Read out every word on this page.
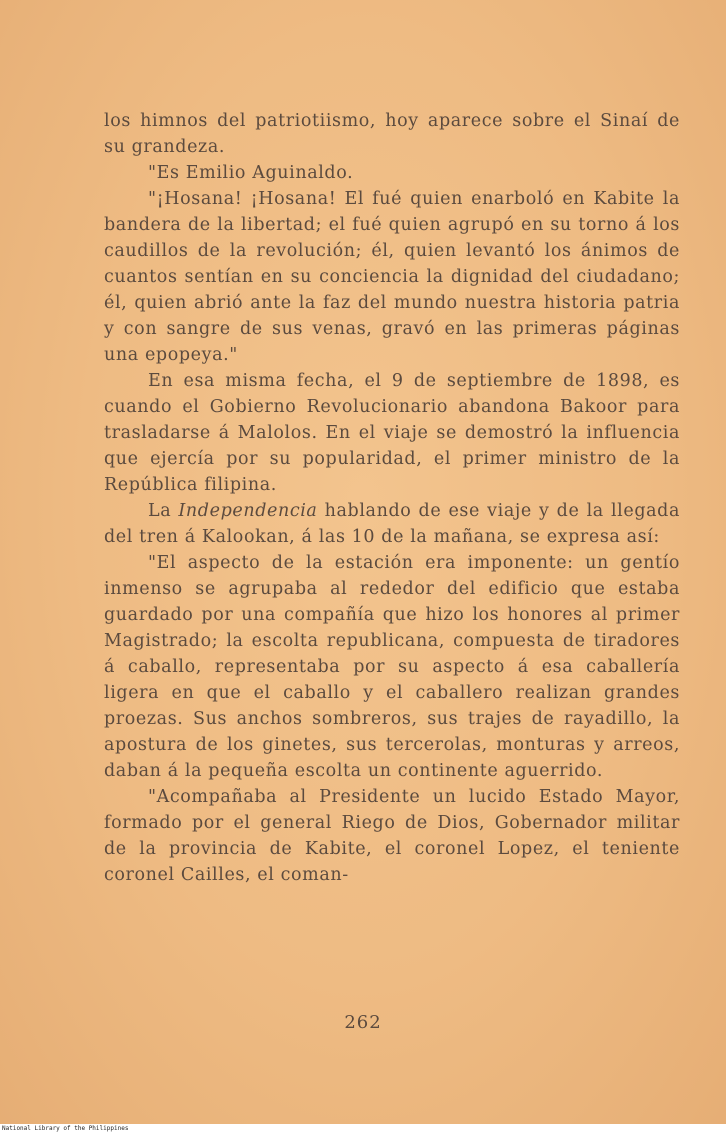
los himnos del patriotiismo, hoy aparece sobre el Sinaí de su grandeza.

"Es Emilio Aguinaldo.

"¡Hosana! ¡Hosana! El fué quien enarboló en Kabite la bandera de la libertad; el fué quien agrupó en su torno á los caudillos de la revolución; él, quien levantó los ánimos de cuantos sentían en su conciencia la dignidad del ciudadano; él, quien abrió ante la faz del mundo nuestra historia patria y con sangre de sus venas, gravó en las primeras páginas una epopeya."

En esa misma fecha, el 9 de septiembre de 1898, es cuando el Gobierno Revolucionario abandona Bakoor para trasladarse á Malolos. En el viaje se demostró la influencia que ejercía por su popularidad, el primer ministro de la República filipina.

La Independencia hablando de ese viaje y de la llegada del tren á Kalookan, á las 10 de la mañana, se expresa así:

"El aspecto de la estación era imponente: un gentío inmenso se agrupaba al rededor del edificio que estaba guardado por una compañía que hizo los honores al primer Magistrado; la escolta republicana, compuesta de tiradores á caballo, representaba por su aspecto á esa caballería ligera en que el caballo y el caballero realizan grandes proezas. Sus anchos sombreros, sus trajes de rayadillo, la apostura de los ginetes, sus tercerolas, monturas y arreos, daban á la pequeña escolta un continente aguerrido.

"Acompañaba al Presidente un lucido Estado Mayor, formado por el general Riego de Dios, Gobernador militar de la provincia de Kabite, el coronel Lopez, el teniente coronel Cailles, el coman-

262
National Library of the Philippines
